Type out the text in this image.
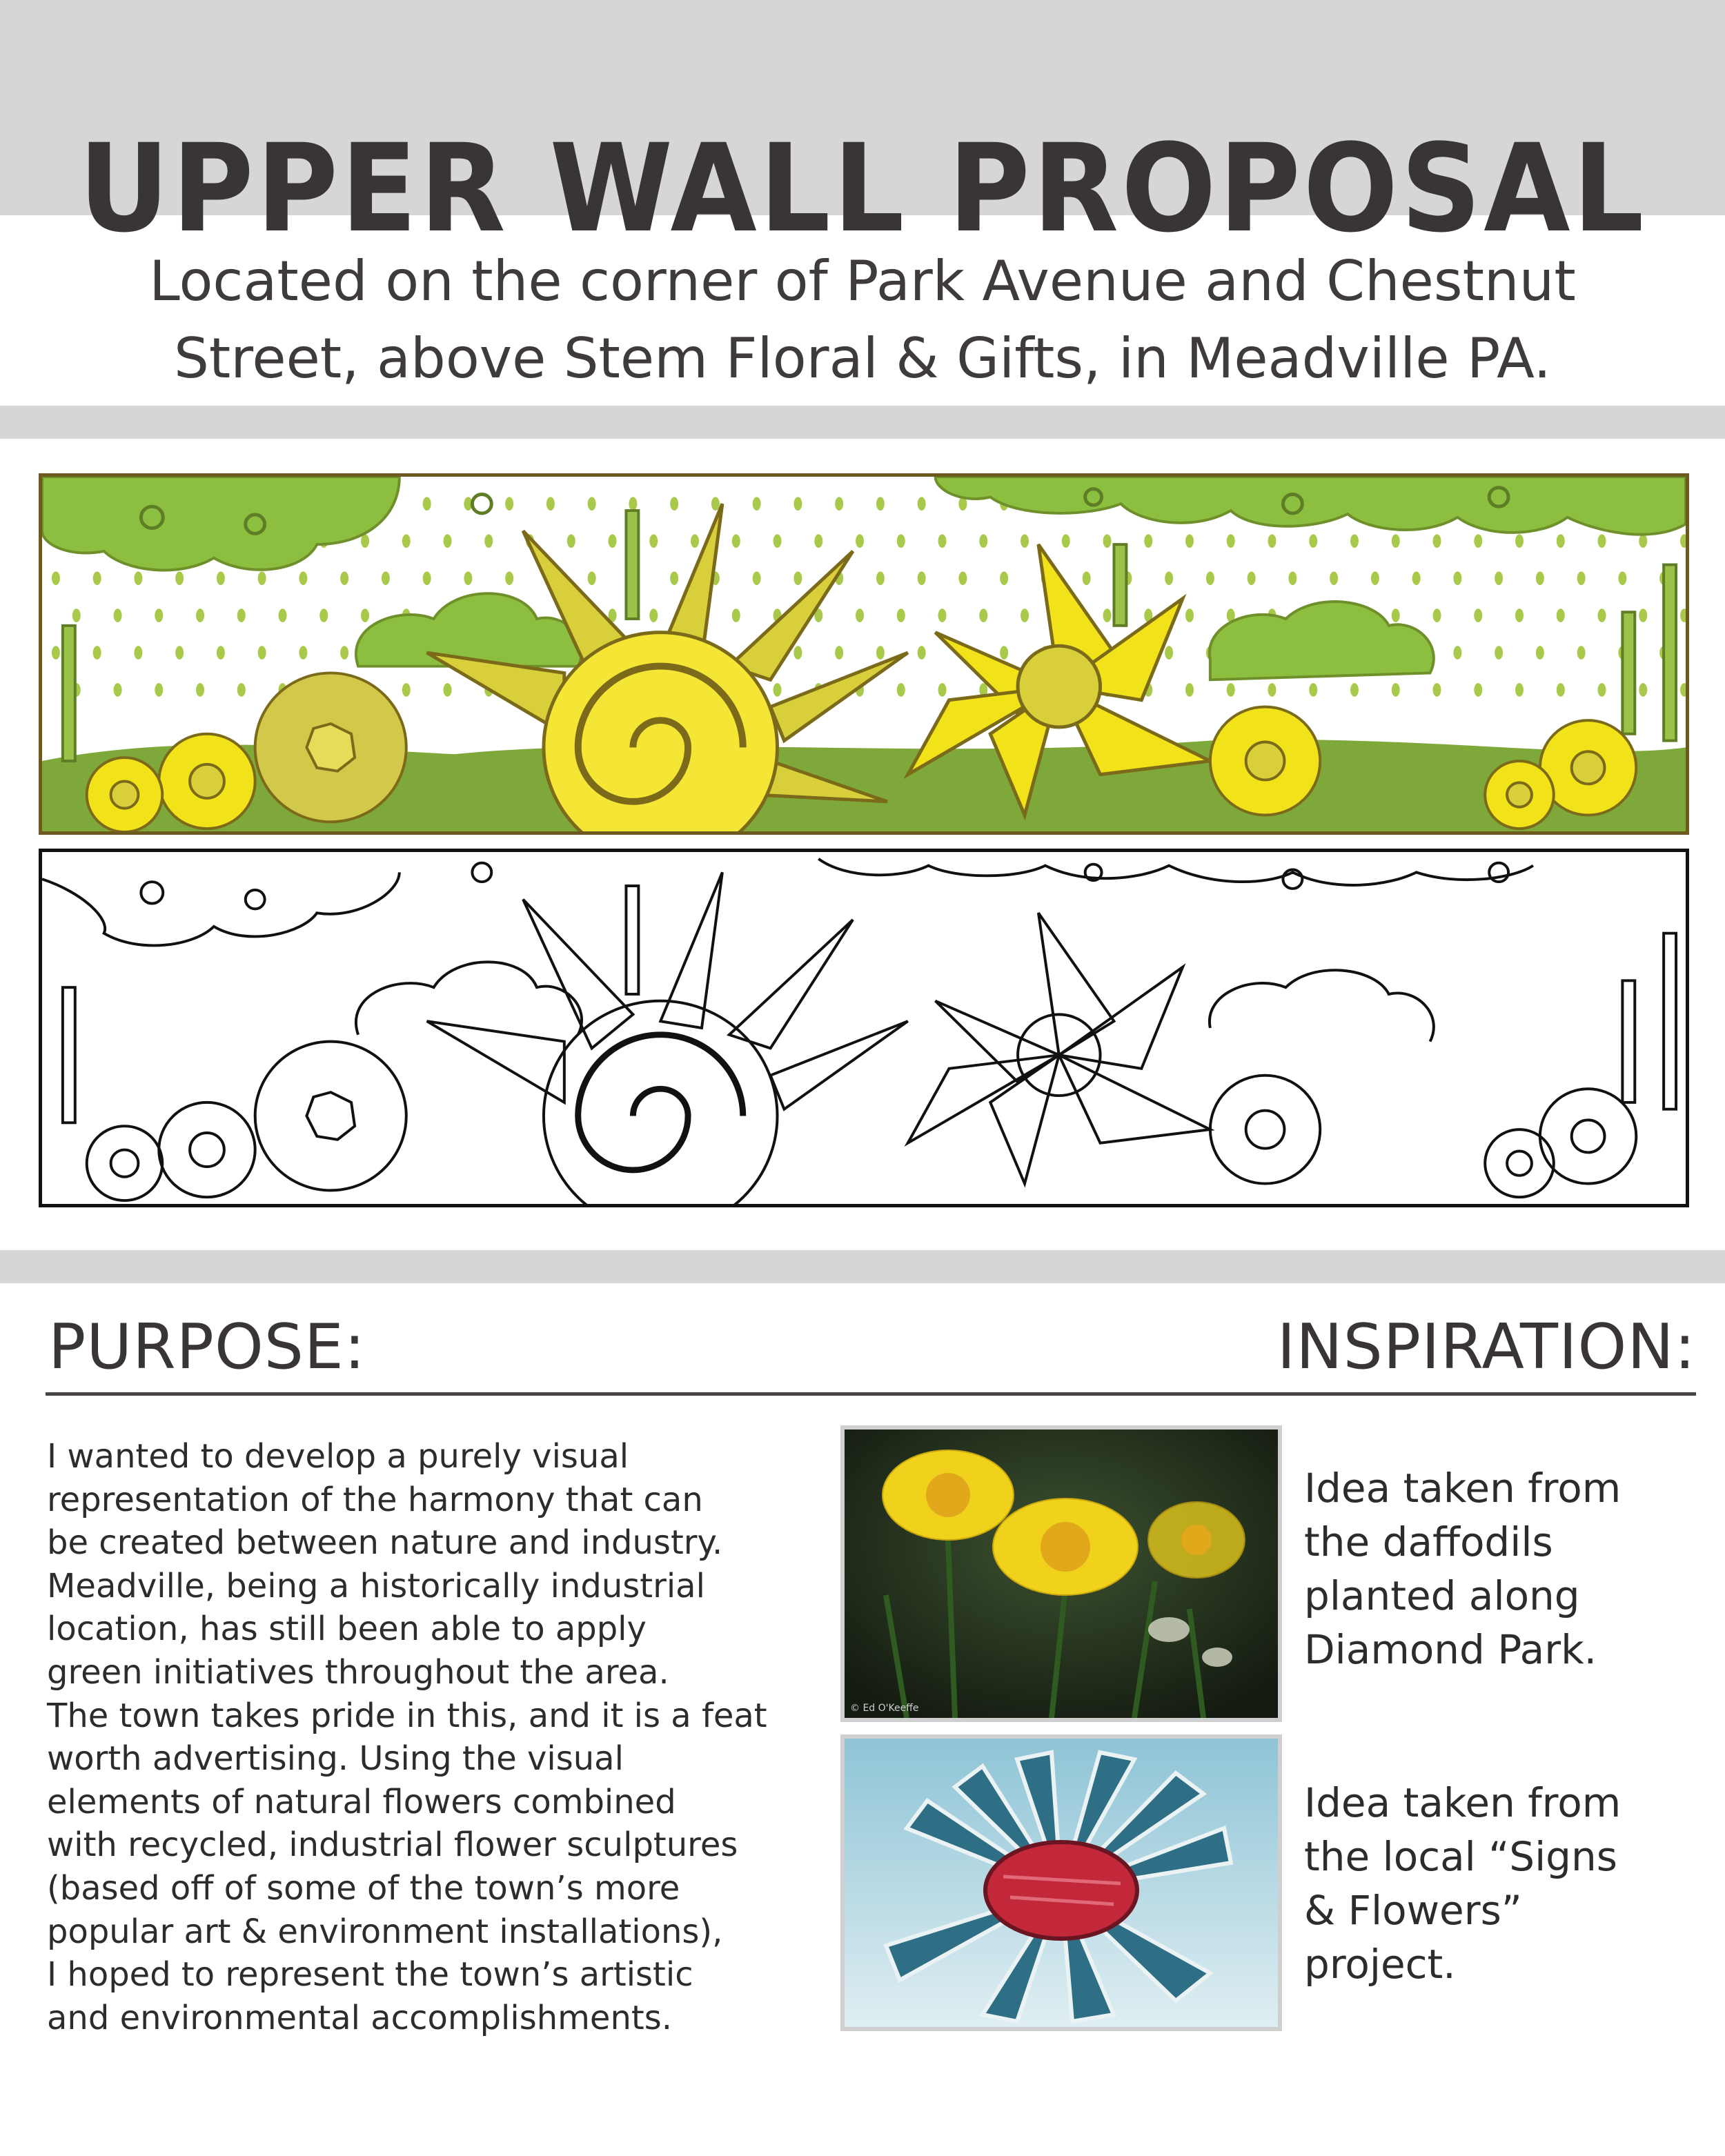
UPPER WALL PROPOSAL
Located on the corner of Park Avenue and Chestnut
Street, above Stem Floral & Gifts, in Meadville PA.
PURPOSE:	INSPIRATION:
I wanted to develop a purely visual
representation of the harmony that can
be created between nature and industry.
Meadville, being a historically industrial
location, has still been able to apply
green initiatives throughout the area.
The town takes pride in this, and it is a feat
worth advertising. Using the visual
elements of natural flowers combined
with recycled, industrial flower sculptures
(based off of some of the town’s more
popular art & environment installations),
I hoped to represent the town’s artistic
and environmental accomplishments.
© Ed O'Keeffe
Idea taken from
the daffodils
planted along
Diamond Park.
Idea taken from
the local “Signs
& Flowers”
project.
